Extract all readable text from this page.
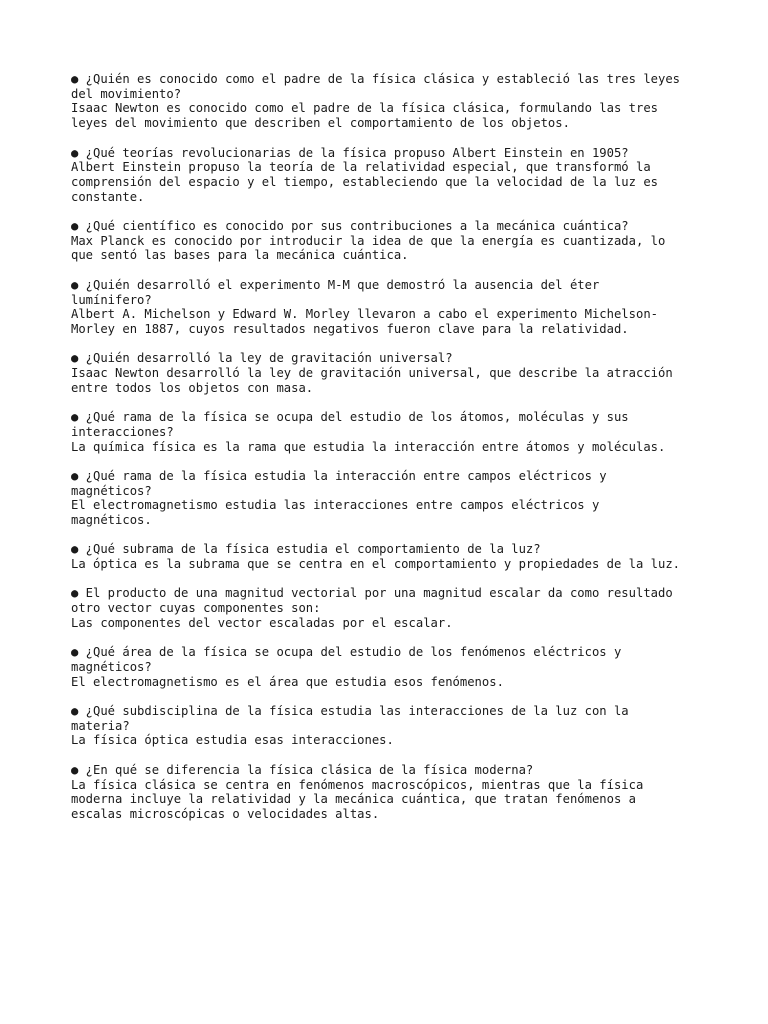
● ¿Quién es conocido como el padre de la física clásica y estableció las tres leyes
del movimiento?
Isaac Newton es conocido como el padre de la física clásica, formulando las tres
leyes del movimiento que describen el comportamiento de los objetos.
● ¿Qué teorías revolucionarias de la física propuso Albert Einstein en 1905?
Albert Einstein propuso la teoría de la relatividad especial, que transformó la
comprensión del espacio y el tiempo, estableciendo que la velocidad de la luz es
constante.
● ¿Qué científico es conocido por sus contribuciones a la mecánica cuántica?
Max Planck es conocido por introducir la idea de que la energía es cuantizada, lo
que sentó las bases para la mecánica cuántica.
● ¿Quién desarrolló el experimento M-M que demostró la ausencia del éter
lumínifero?
Albert A. Michelson y Edward W. Morley llevaron a cabo el experimento Michelson-
Morley en 1887, cuyos resultados negativos fueron clave para la relatividad.
● ¿Quién desarrolló la ley de gravitación universal?
Isaac Newton desarrolló la ley de gravitación universal, que describe la atracción
entre todos los objetos con masa.
● ¿Qué rama de la física se ocupa del estudio de los átomos, moléculas y sus
interacciones?
La química física es la rama que estudia la interacción entre átomos y moléculas.
● ¿Qué rama de la física estudia la interacción entre campos eléctricos y
magnéticos?
El electromagnetismo estudia las interacciones entre campos eléctricos y
magnéticos.
● ¿Qué subrama de la física estudia el comportamiento de la luz?
La óptica es la subrama que se centra en el comportamiento y propiedades de la luz.
● El producto de una magnitud vectorial por una magnitud escalar da como resultado
otro vector cuyas componentes son:
Las componentes del vector escaladas por el escalar.
● ¿Qué área de la física se ocupa del estudio de los fenómenos eléctricos y
magnéticos?
El electromagnetismo es el área que estudia esos fenómenos.
● ¿Qué subdisciplina de la física estudia las interacciones de la luz con la
materia?
La física óptica estudia esas interacciones.
● ¿En qué se diferencia la física clásica de la física moderna?
La física clásica se centra en fenómenos macroscópicos, mientras que la física
moderna incluye la relatividad y la mecánica cuántica, que tratan fenómenos a
escalas microscópicas o velocidades altas.
